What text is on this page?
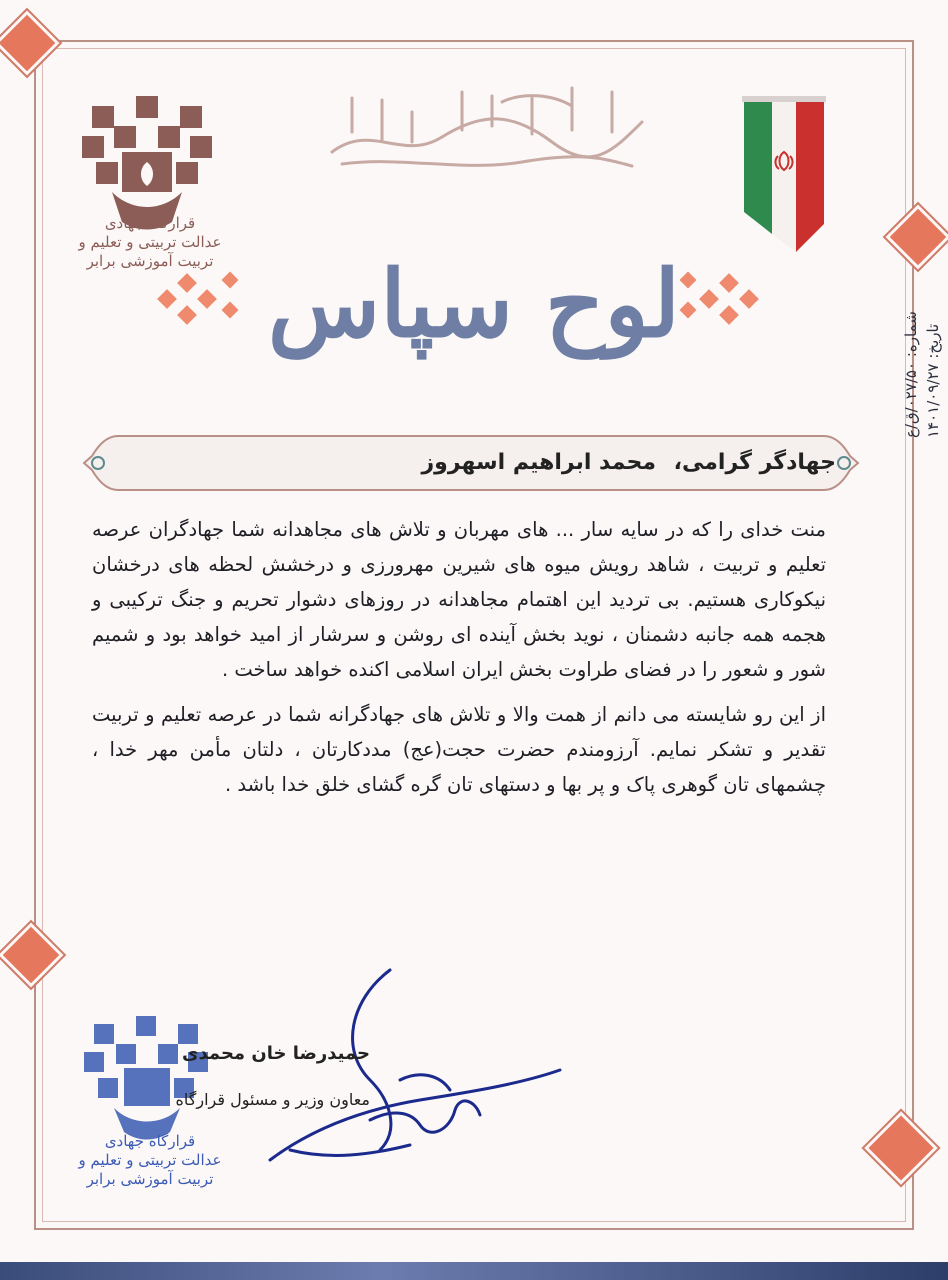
قرارگاه جهادی
عدالت تربیتی و تعلیم و تربیت آموزشی برابر لوح سپاس
تاریخ: ۱۴۰۱/۰۹/۲۷
شماره: ۰۲۷/۵۰/ق/ع
جهادگر گرامی، محمد ابراهیم اسهروز

منت خدای را که در سایه سار ... های مهربان و تلاش های مجاهدانه شما جهادگران عرصه تعلیم و تربیت ، شاهد رویش میوه های شیرین مهرورزی و درخشش لحظه های درخشان نیکوکاری هستیم. بی تردید این اهتمام مجاهدانه در روزهای دشوار تحریم و جنگ ترکیبی و هجمه همه جانبه دشمنان ، نوید بخش آینده ای روشن و سرشار از امید خواهد بود و شمیم شور و شعور را در فضای طراوت بخش ایران اسلامی اکنده خواهد ساخت .

از این رو شایسته می دانم از همت والا و تلاش های جهادگرانه شما در عرصه تعلیم و تربیت تقدیر و تشکر نمایم. آرزومندم حضرت حجت(عج) مددکارتان ، دلتان مأمن مهر خدا ، چشمهای تان گوهری پاک و پر بها و دستهای تان گره گشای خلق خدا باشد .

قرارگاه جهادی
عدالت تربیتی و تعلیم و تربیت آموزشی برابر
حمیدرضا خان محمدی
معاون وزیر و مسئول قرارگاه
